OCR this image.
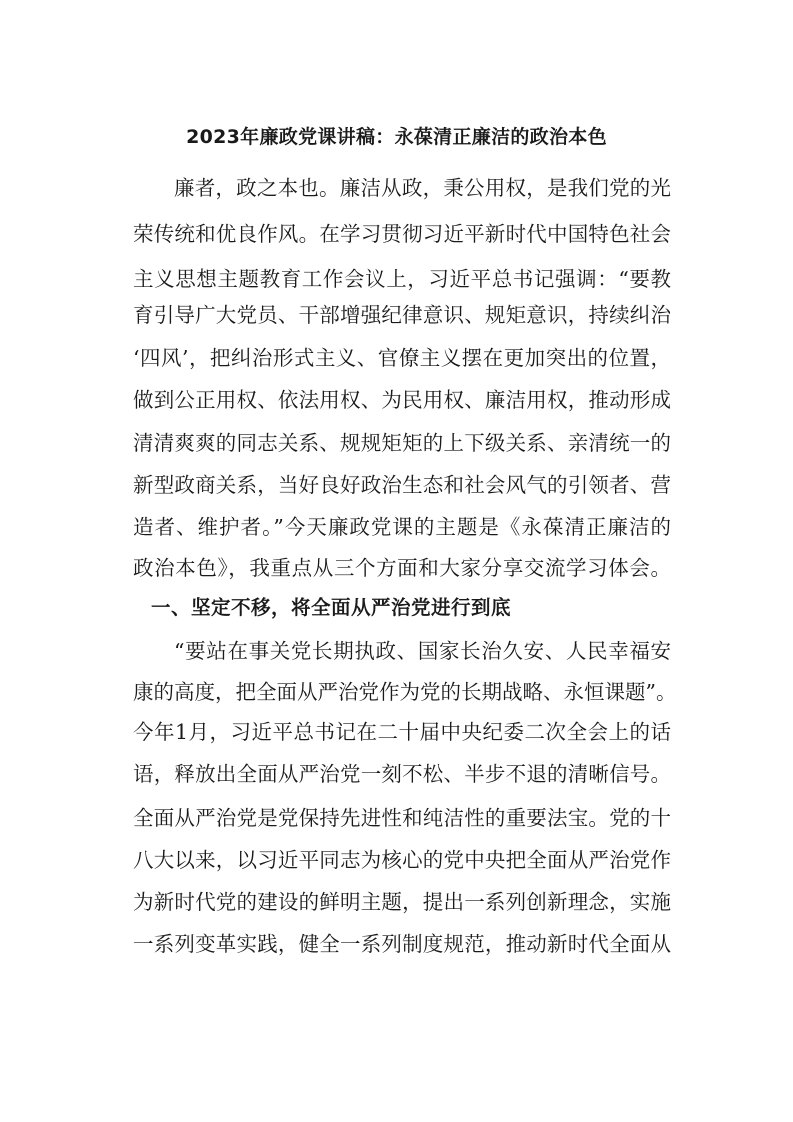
2023年廉政党课讲稿：永葆清正廉洁的政治本色
廉者，政之本也。廉洁从政，秉公用权，是我们党的光
荣传统和优良作风。在学习贯彻习近平新时代中国特色社会
主义思想主题教育工作会议上，习近平总书记强调：“要教
育引导广大党员、干部增强纪律意识、规矩意识，持续纠治
‘四风’，把纠治形式主义、官僚主义摆在更加突出的位置，
做到公正用权、依法用权、为民用权、廉洁用权，推动形成
清清爽爽的同志关系、规规矩矩的上下级关系、亲清统一的
新型政商关系，当好良好政治生态和社会风气的引领者、营
造者、维护者。”今天廉政党课的主题是《永葆清正廉洁的
政治本色》，我重点从三个方面和大家分享交流学习体会。
一、坚定不移，将全面从严治党进行到底
“要站在事关党长期执政、国家长治久安、人民幸福安
康的高度，把全面从严治党作为党的长期战略、永恒课题”。
今年1月，习近平总书记在二十届中央纪委二次全会上的话
语，释放出全面从严治党一刻不松、半步不退的清晰信号。
全面从严治党是党保持先进性和纯洁性的重要法宝。党的十
八大以来，以习近平同志为核心的党中央把全面从严治党作
为新时代党的建设的鲜明主题，提出一系列创新理念，实施
一系列变革实践，健全一系列制度规范，推动新时代全面从
